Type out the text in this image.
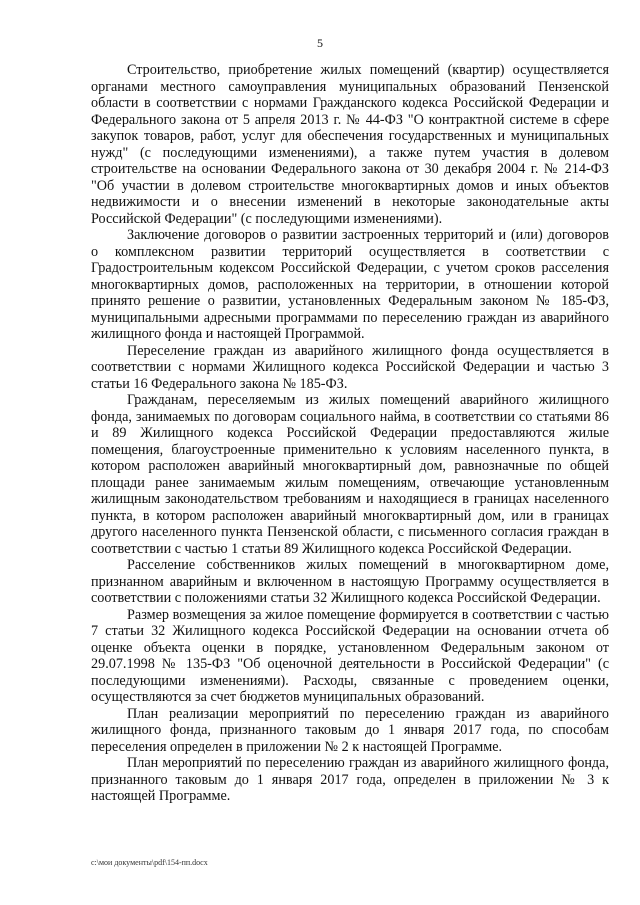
5

Строительство, приобретение жилых помещений (квартир) осуществляется органами местного самоуправления муниципальных образований Пензенской области в соответствии с нормами Гражданского кодекса Российской Федерации и Федерального закона от 5 апреля 2013 г. № 44-ФЗ "О контрактной системе в сфере закупок товаров, работ, услуг для обеспечения государственных и муниципальных нужд" (с последующими изменениями), а также путем участия в долевом строительстве на основании Федерального закона от 30 декабря 2004 г. № 214-ФЗ "Об участии в долевом строительстве многоквартирных домов и иных объектов недвижимости и о внесении изменений в некоторые законодательные акты Российской Федерации" (с последующими изменениями).

Заключение договоров о развитии застроенных территорий и (или) договоров о комплексном развитии территорий осуществляется в соответствии с Градостроительным кодексом Российской Федерации, с учетом сроков расселения многоквартирных домов, расположенных на территории, в отношении которой принято решение о развитии, установленных Федеральным законом № 185-ФЗ, муниципальными адресными программами по переселению граждан из аварийного жилищного фонда и настоящей Программой.

Переселение граждан из аварийного жилищного фонда осуществляется в соответствии с нормами Жилищного кодекса Российской Федерации и частью 3 статьи 16 Федерального закона № 185-ФЗ.

Гражданам, переселяемым из жилых помещений аварийного жилищного фонда, занимаемых по договорам социального найма, в соответствии со статьями 86 и 89 Жилищного кодекса Российской Федерации предоставляются жилые помещения, благоустроенные применительно к условиям населенного пункта, в котором расположен аварийный многоквартирный дом, равнозначные по общей площади ранее занимаемым жилым помещениям, отвечающие установленным жилищным законодательством требованиям и находящиеся в границах населенного пункта, в котором расположен аварийный многоквартирный дом, или в границах другого населенного пункта Пензенской области, с письменного согласия граждан в соответствии с частью 1 статьи 89 Жилищного кодекса Российской Федерации.

Расселение собственников жилых помещений в многоквартирном доме, признанном аварийным и включенном в настоящую Программу осуществляется в соответствии с положениями статьи 32 Жилищного кодекса Российской Федерации.

Размер возмещения за жилое помещение формируется в соответствии с частью 7 статьи 32 Жилищного кодекса Российской Федерации на основании отчета об оценке объекта оценки в порядке, установленном Федеральным законом от 29.07.1998 № 135-ФЗ "Об оценочной деятельности в Российской Федерации" (с последующими изменениями). Расходы, связанные с проведением оценки, осуществляются за счет бюджетов муниципальных образований.

План реализации мероприятий по переселению граждан из аварийного жилищного фонда, признанного таковым до 1 января 2017 года, по способам переселения определен в приложении № 2 к настоящей Программе.

План мероприятий по переселению граждан из аварийного жилищного фонда, признанного таковым до 1 января 2017 года, определен в приложении № 3 к настоящей Программе.

c:\мои документы\pdf\154-пп.docx
